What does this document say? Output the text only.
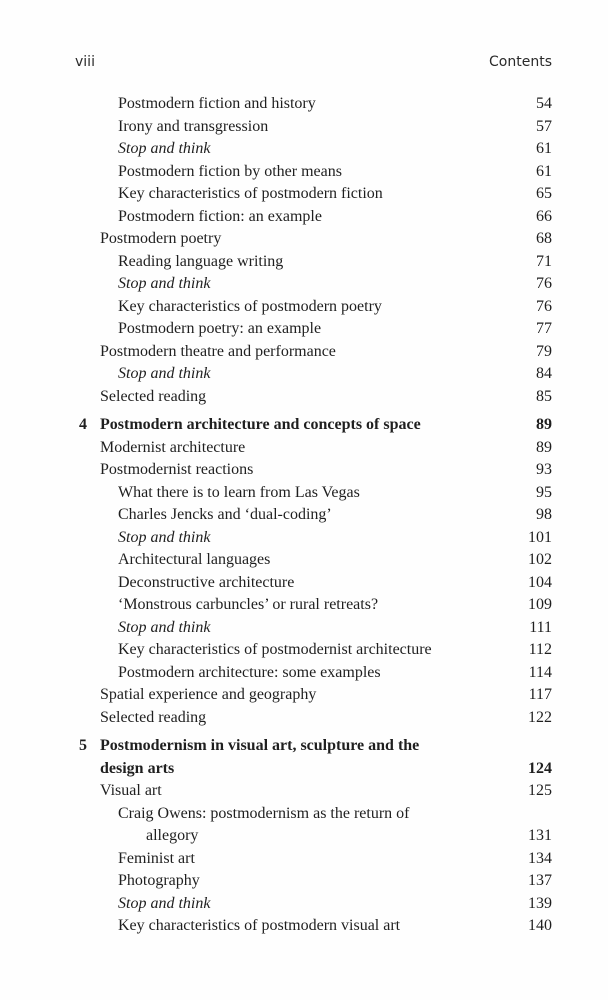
viii	Contents
Postmodern fiction and history	54
Irony and transgression	57
Stop and think	61
Postmodern fiction by other means	61
Key characteristics of postmodern fiction	65
Postmodern fiction: an example	66
Postmodern poetry	68
Reading language writing	71
Stop and think	76
Key characteristics of postmodern poetry	76
Postmodern poetry: an example	77
Postmodern theatre and performance	79
Stop and think	84
Selected reading	85
4 Postmodern architecture and concepts of space	89
Modernist architecture	89
Postmodernist reactions	93
What there is to learn from Las Vegas	95
Charles Jencks and ‘dual-coding’	98
Stop and think	101
Architectural languages	102
Deconstructive architecture	104
‘Monstrous carbuncles’ or rural retreats?	109
Stop and think	111
Key characteristics of postmodernist architecture	112
Postmodern architecture: some examples	114
Spatial experience and geography	117
Selected reading	122
5 Postmodernism in visual art, sculpture and the
design arts	124
Visual art	125
Craig Owens: postmodernism as the return of
allegory	131
Feminist art	134
Photography	137
Stop and think	139
Key characteristics of postmodern visual art	140
